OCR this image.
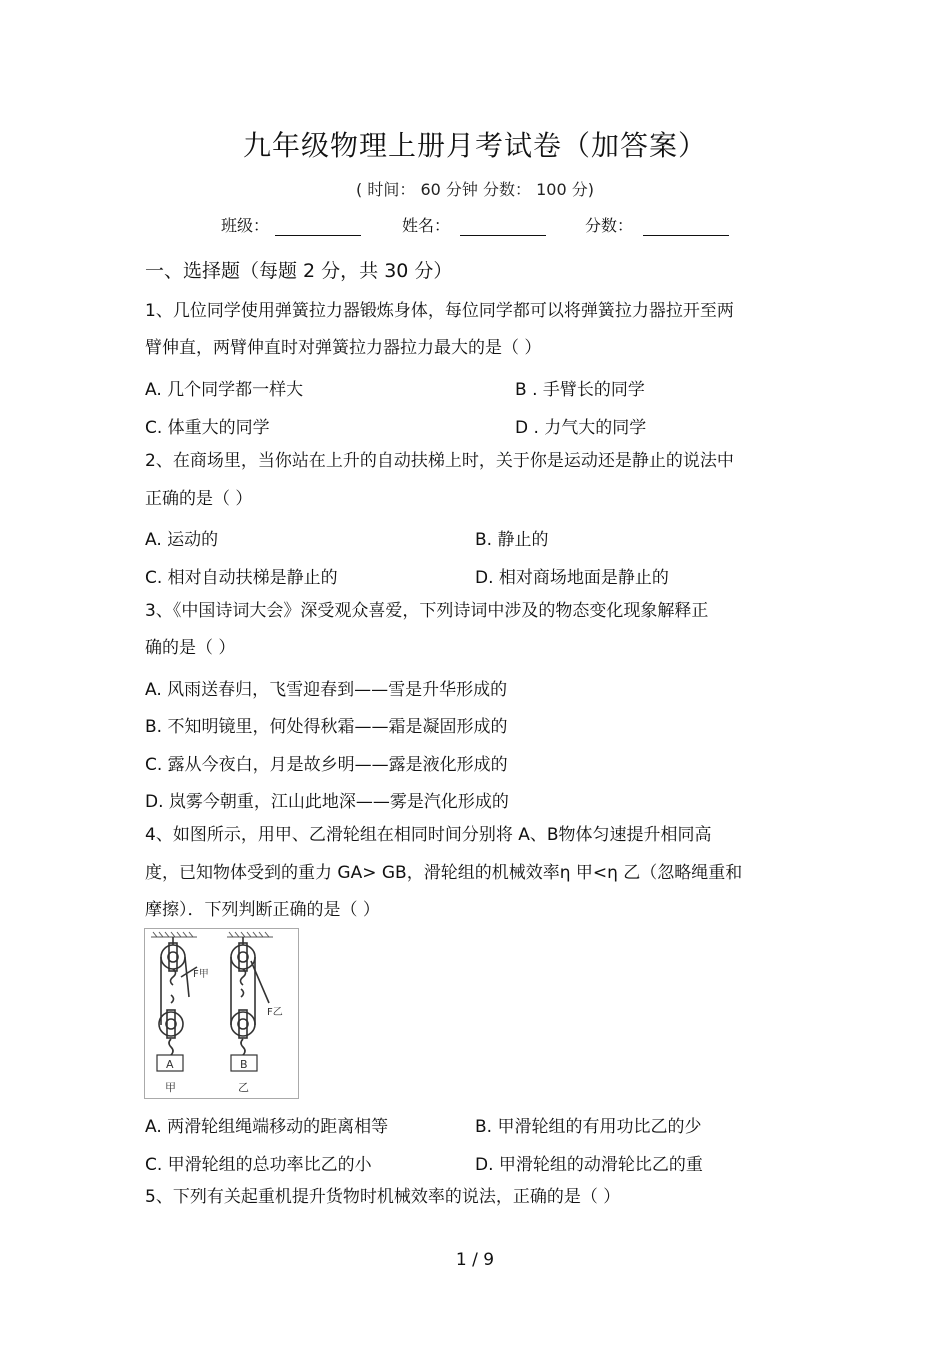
九年级物理上册月考试卷（加答案）
( 时间： 60 分钟 分数： 100 分)
班级：	姓名：	分数：
一、选择题（每题 2 分，共 30 分）
1、几位同学使用弹簧拉力器锻炼身体，每位同学都可以将弹簧拉力器拉开至两
臂伸直，两臂伸直时对弹簧拉力器拉力最大的是（ ）
A. 几个同学都一样大	B . 手臂长的同学
C. 体重大的同学	D . 力气大的同学
2、在商场里，当你站在上升的自动扶梯上时，关于你是运动还是静止的说法中
正确的是（ ）
A. 运动的	B. 静止的
C. 相对自动扶梯是静止的	D. 相对商场地面是静止的
3、《中国诗词大会》深受观众喜爱，下列诗词中涉及的物态变化现象解释正
确的是（ ）
A. 风雨送春归，飞雪迎春到——雪是升华形成的
B. 不知明镜里，何处得秋霜——霜是凝固形成的
C. 露从今夜白，月是故乡明——露是液化形成的
D. 岚雾今朝重，江山此地深——雾是汽化形成的
4、如图所示，用甲、乙滑轮组在相同时间分别将 A、B物体匀速提升相同高
度，已知物体受到的重力 GA> GB，滑轮组的机械效率η 甲<η 乙（忽略绳重和
摩擦）．下列判断正确的是（ ）
F甲
F乙
A	B
甲	乙
A. 两滑轮组绳端移动的距离相等	B. 甲滑轮组的有用功比乙的少
C. 甲滑轮组的总功率比乙的小	D. 甲滑轮组的动滑轮比乙的重
5、下列有关起重机提升货物时机械效率的说法，正确的是（ ）
1 / 9
